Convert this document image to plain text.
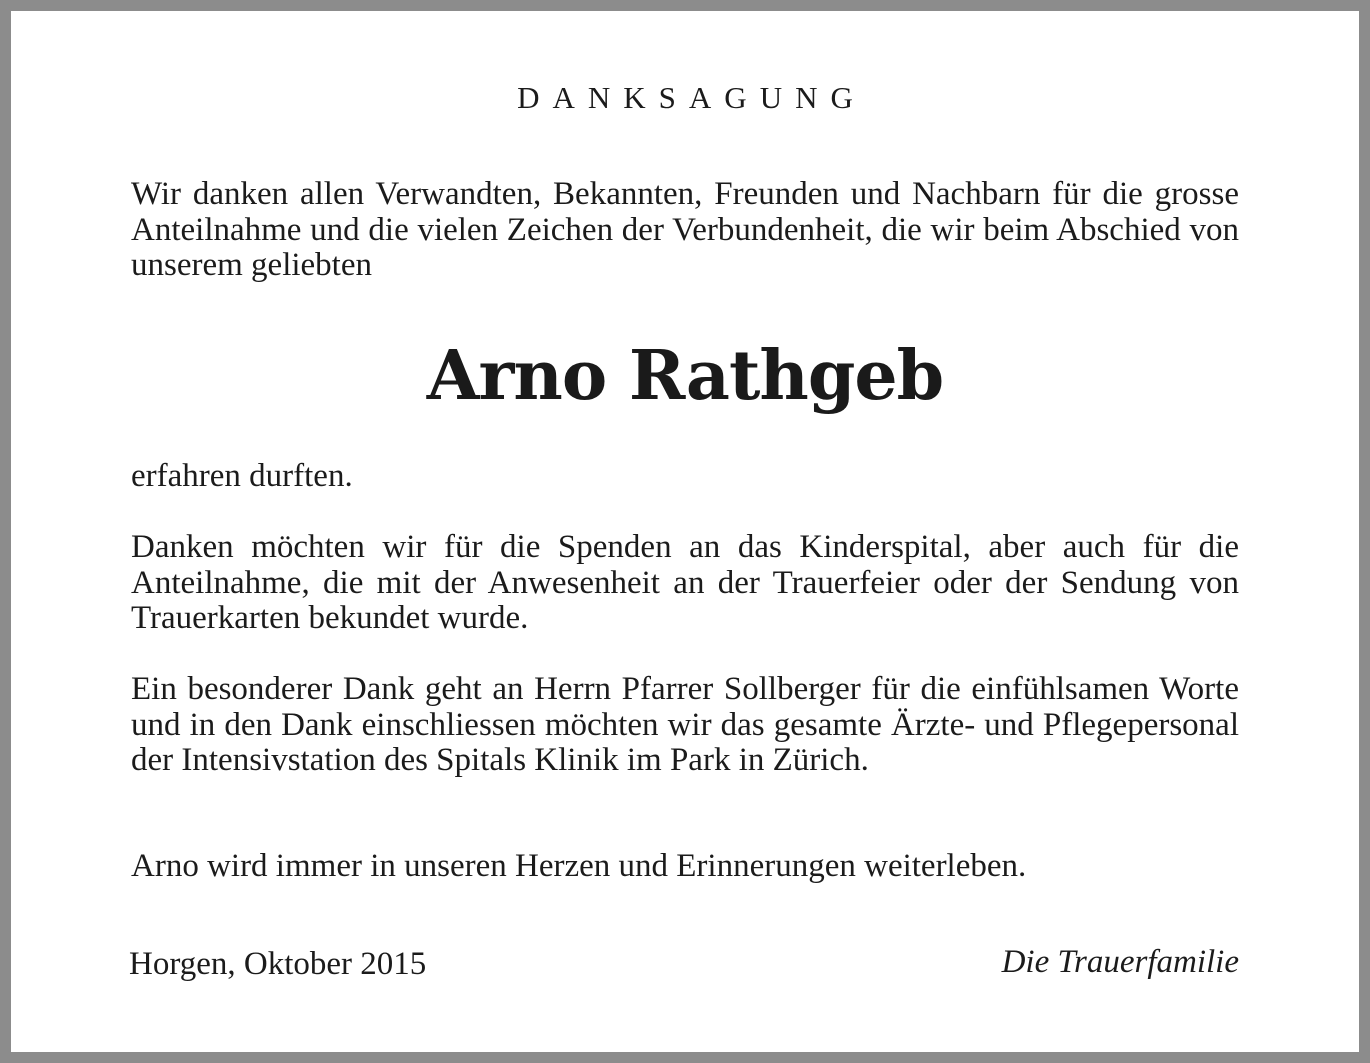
DANKSAGUNG

Wir danken allen Verwandten, Bekannten, Freunden und Nachbarn für die grosse Anteilnahme und die vielen Zeichen der Verbundenheit, die wir beim Abschied von unserem geliebten

Arno Rathgeb

erfahren durften.

Danken möchten wir für die Spenden an das Kinderspital, aber auch für die Anteilnahme, die mit der Anwesenheit an der Trauerfeier oder der Sendung von Trauerkarten bekundet wurde.

Ein besonderer Dank geht an Herrn Pfarrer Sollberger für die einfühlsamen Worte und in den Dank einschliessen möchten wir das gesamte Ärzte- und Pflegepersonal der Intensivstation des Spitals Klinik im Park in Zürich.

Arno wird immer in unseren Herzen und Erinnerungen weiterleben.

Horgen, Oktober 2015	Die Trauerfamilie
